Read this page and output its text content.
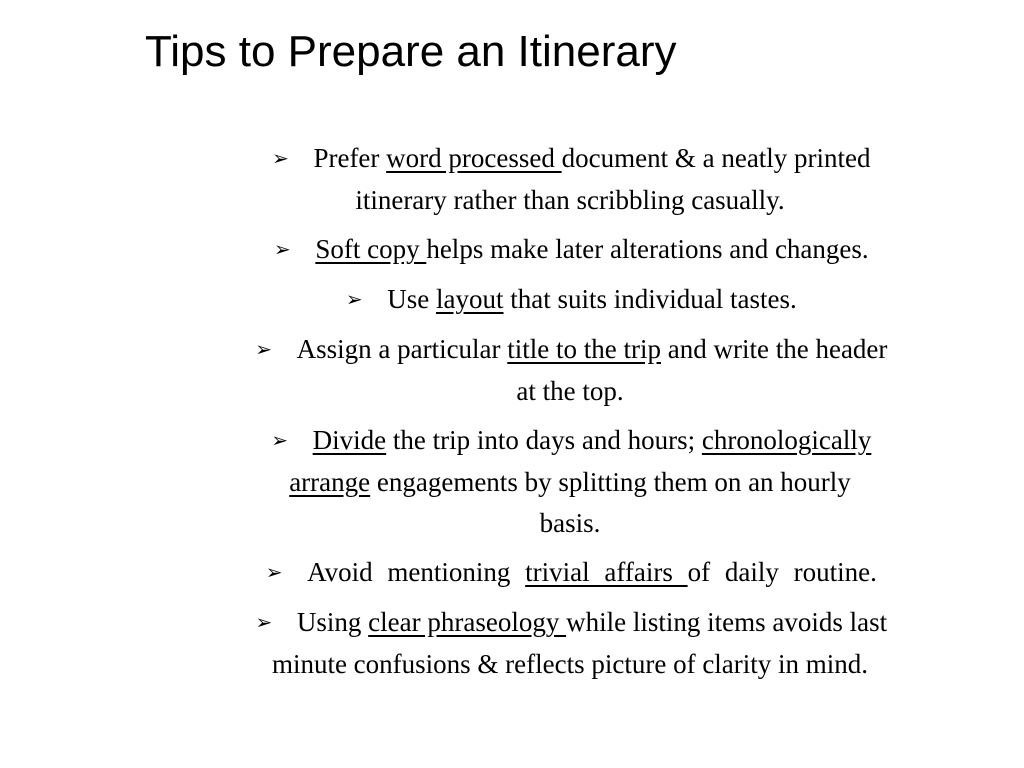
Tips to Prepare an Itinerary
➢ Prefer word processed document & a neatly printed
itinerary rather than scribbling casually.
➢ Soft copy helps make later alterations and changes.
➢ Use layout that suits individual tastes.
➢ Assign a particular title to the trip and write the header
at the top.
➢ Divide the trip into days and hours; chronologically
arrange engagements by splitting them on an hourly
basis.
➢ Avoid mentioning trivial affairs of daily routine.
➢ Using clear phraseology while listing items avoids last
minute confusions & reflects picture of clarity in mind.
